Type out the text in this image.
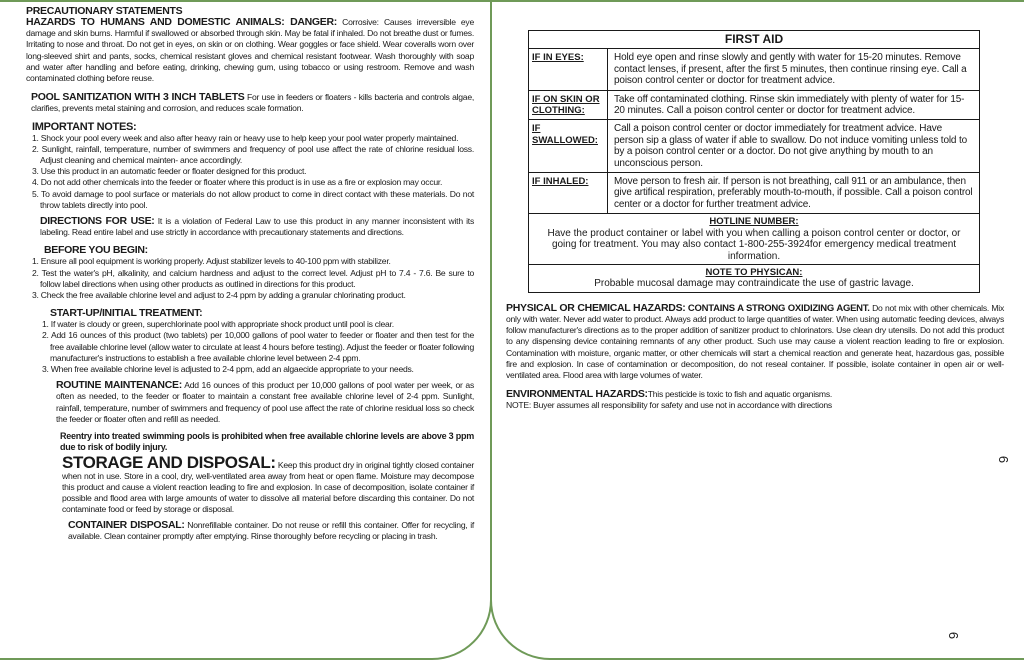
PRECAUTIONARY STATEMENTS

HAZARDS TO HUMANS AND DOMESTIC ANIMALS: DANGER: Corrosive: Causes irreversible eye damage and skin burns. Harmful if swallowed or absorbed through skin. May be fatal if inhaled. Do not breathe dust or fumes. Irritating to nose and throat. Do not get in eyes, on skin or on clothing. Wear goggles or face shield. Wear coveralls worn over long-sleeved shirt and pants, socks, chemical resistant gloves and chemical resistant footwear. Wash thoroughly with soap and water after handling and before eating, drinking, chewing gum, using tobacco or using restroom. Remove and wash contaminated clothing before reuse.

POOL SANITIZATION WITH 3 INCH TABLETS For use in feeders or floaters - kills bacteria and controls algae, clarifies, prevents metal staining and corrosion, and reduces scale formation.

IMPORTANT NOTES:
1. Shock your pool every week and also after heavy rain or heavy use to help keep your pool water properly maintained.
2. Sunlight, rainfall, temperature, number of swimmers and frequency of pool use affect the rate of chlorine residual loss. Adjust cleaning and chemical mainten- ance accordingly.
3. Use this product in an automatic feeder or floater designed for this product.
4. Do not add other chemicals into the feeder or floater where this product is in use as a fire or explosion may occur.
5. To avoid damage to pool surface or materials do not allow product to come in direct contact with these materials. Do not throw tablets directly into pool.

DIRECTIONS FOR USE: It is a violation of Federal Law to use this product in any manner inconsistent with its labeling. Read entire label and use strictly in accordance with precautionary statements and directions.

BEFORE YOU BEGIN:
1. Ensure all pool equipment is working properly. Adjust stabilizer levels to 40-100 ppm with stabilizer.
2. Test the water's pH, alkalinity, and calcium hardness and adjust to the correct level. Adjust pH to 7.4 - 7.6. Be sure to follow label directions when using other products as outlined in directions for this product.
3. Check the free available chlorine level and adjust to 2-4 ppm by adding a granular chlorinating product.
START-UP/INITIAL TREATMENT:
1. If water is cloudy or green, superchlorinate pool with appropriate shock product until pool is clear.
2. Add 16 ounces of this product (two tablets) per 10,000 gallons of pool water to feeder or floater and then test for the free available chlorine level (allow water to circulate at least 4 hours before testing). Adjust the feeder or floater following manufacturer's instructions to establish a free available chlorine level between 2-4 ppm.
3. When free available chlorine level is adjusted to 2-4 ppm, add an algaecide appropriate to your needs.

ROUTINE MAINTENANCE: Add 16 ounces of this product per 10,000 gallons of pool water per week, or as often as needed, to the feeder or floater to maintain a constant free available chlorine level of 2-4 ppm. Sunlight, rainfall, temperature, number of swimmers and frequency of pool use affect the rate of chlorine residual loss so check the feeder or floater often and refill as needed.

Reentry into treated swimming pools is prohibited when free available chlorine levels are above 3 ppm due to risk of bodily injury.

STORAGE AND DISPOSAL: Keep this product dry in original tightly closed container when not in use. Store in a cool, dry, well-ventilated area away from heat or open flame. Moisture may decompose this product and cause a violent reaction leading to fire and explosion. In case of decomposition, isolate container if possible and flood area with large amounts of water to dissolve all material before discarding this container. Do not contaminate food or feed by storage or disposal.

CONTAINER DISPOSAL: Nonrefillable container. Do not reuse or refill this container. Offer for recycling, if available. Clean container promptly after emptying. Rinse thoroughly before recycling or placing in trash.

FIRST AID
IF IN EYES:	Hold eye open and rinse slowly and gently with water for 15-20 minutes. Remove contact lenses, if present, after the first 5 minutes, then continue rinsing eye. Call a poison control center or doctor for treatment advice.
IF ON SKIN OR CLOTHING:
Take off contaminated clothing. Rinse skin immediately with plenty of water for 15-20 minutes. Call a poison control center or doctor for treatment advice.
IF SWALLOWED:
Call a poison control center or doctor immediately for treatment advice. Have person sip a glass of water if able to swallow. Do not induce vomiting unless told to by a poison control center or a doctor. Do not give anything by mouth to an unconscious person.
IF INHALED:	Move person to fresh air. If person is not breathing, call 911 or an ambulance, then give artifical respiration, preferably mouth-to-mouth, if possible. Call a poison control center or a doctor for further treatment advice.
HOTLINE NUMBER:
Have the product container or label with you when calling a poison control center or doctor, or going for treatment. You may also contact 1-800-255-3924for emergency medical treatment information.
NOTE TO PHYSICAN:
Probable mucosal damage may contraindicate the use of gastric lavage.

PHYSICAL OR CHEMICAL HAZARDS: CONTAINS A STRONG OXIDIZING AGENT. Do not mix with other chemicals. Mix only with water. Never add water to product. Always add product to large quantities of water. When using automatic feeding devices, always follow manufacturer's directions as to the proper addition of sanitizer product to chlorinators. Use clean dry utensils. Do not add this product to any dispensing device containing remnants of any other product. Such use may cause a violent reaction leading to fire or explosion. Contamination with moisture, organic matter, or other chemicals will start a chemical reaction and generate heat, hazardous gas, possible fire and explosion. In case of contamination or decomposition, do not reseal container. If possible, isolate container in open air or well-ventilated area. Flood area with large volumes of water.

ENVIRONMENTAL HAZARDS:This pesticide is toxic to fish and aquatic organisms.

NOTE: Buyer assumes all responsibility for safety and use not in accordance with directions

6
6
